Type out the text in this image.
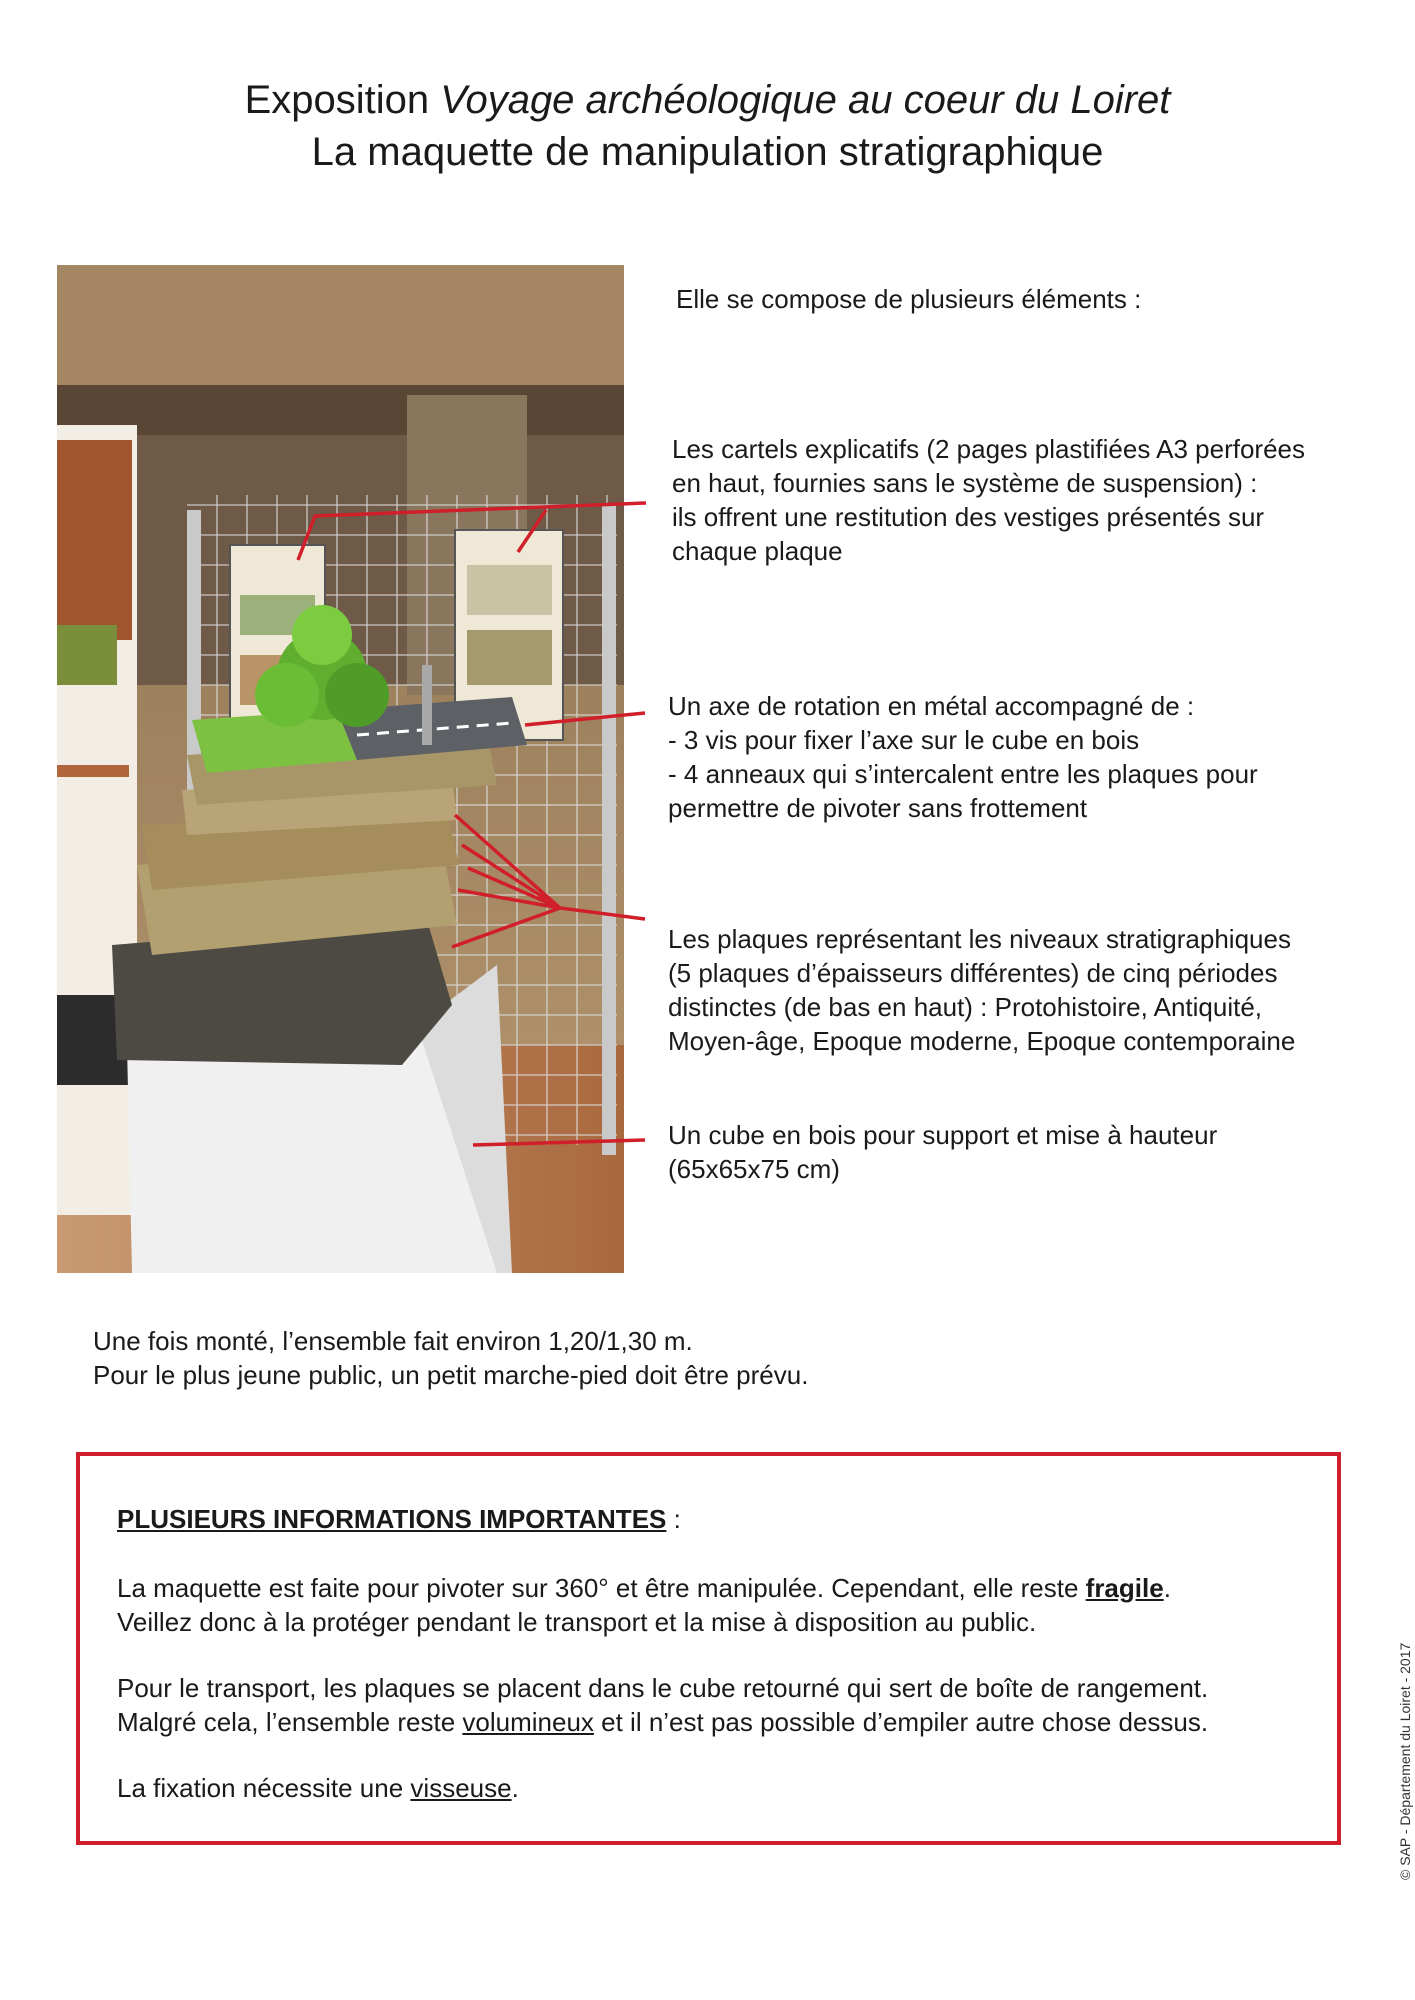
Exposition Voyage archéologique au coeur du Loiret
La maquette de manipulation stratigraphique
Elle se compose de plusieurs éléments :
Les cartels explicatifs (2 pages plastifiées A3 perforées
en haut, fournies sans le système de suspension) :
ils offrent une restitution des vestiges présentés sur
chaque plaque
Un axe de rotation en métal accompagné de :
- 3 vis pour fixer l’axe sur le cube en bois
- 4 anneaux qui s’intercalent entre les plaques pour
permettre de pivoter sans frottement
Les plaques représentant les niveaux stratigraphiques
(5 plaques d’épaisseurs différentes) de cinq périodes
distinctes (de bas en haut) : Protohistoire, Antiquité,
Moyen-âge, Epoque moderne, Epoque contemporaine
Un cube en bois pour support et mise à hauteur
(65x65x75 cm)
Une fois monté, l’ensemble fait environ 1,20/1,30 m.
Pour le plus jeune public, un petit marche-pied doit être prévu.
PLUSIEURS INFORMATIONS IMPORTANTES :
La maquette est faite pour pivoter sur 360° et être manipulée. Cependant, elle reste fragile.
Veillez donc à la protéger pendant le transport et la mise à disposition au public.
Pour le transport, les plaques se placent dans le cube retourné qui sert de boîte de rangement.
Malgré cela, l’ensemble reste volumineux et il n’est pas possible d’empiler autre chose dessus.
La fixation nécessite une visseuse.	© SAP - Département du Loiret - 2017
